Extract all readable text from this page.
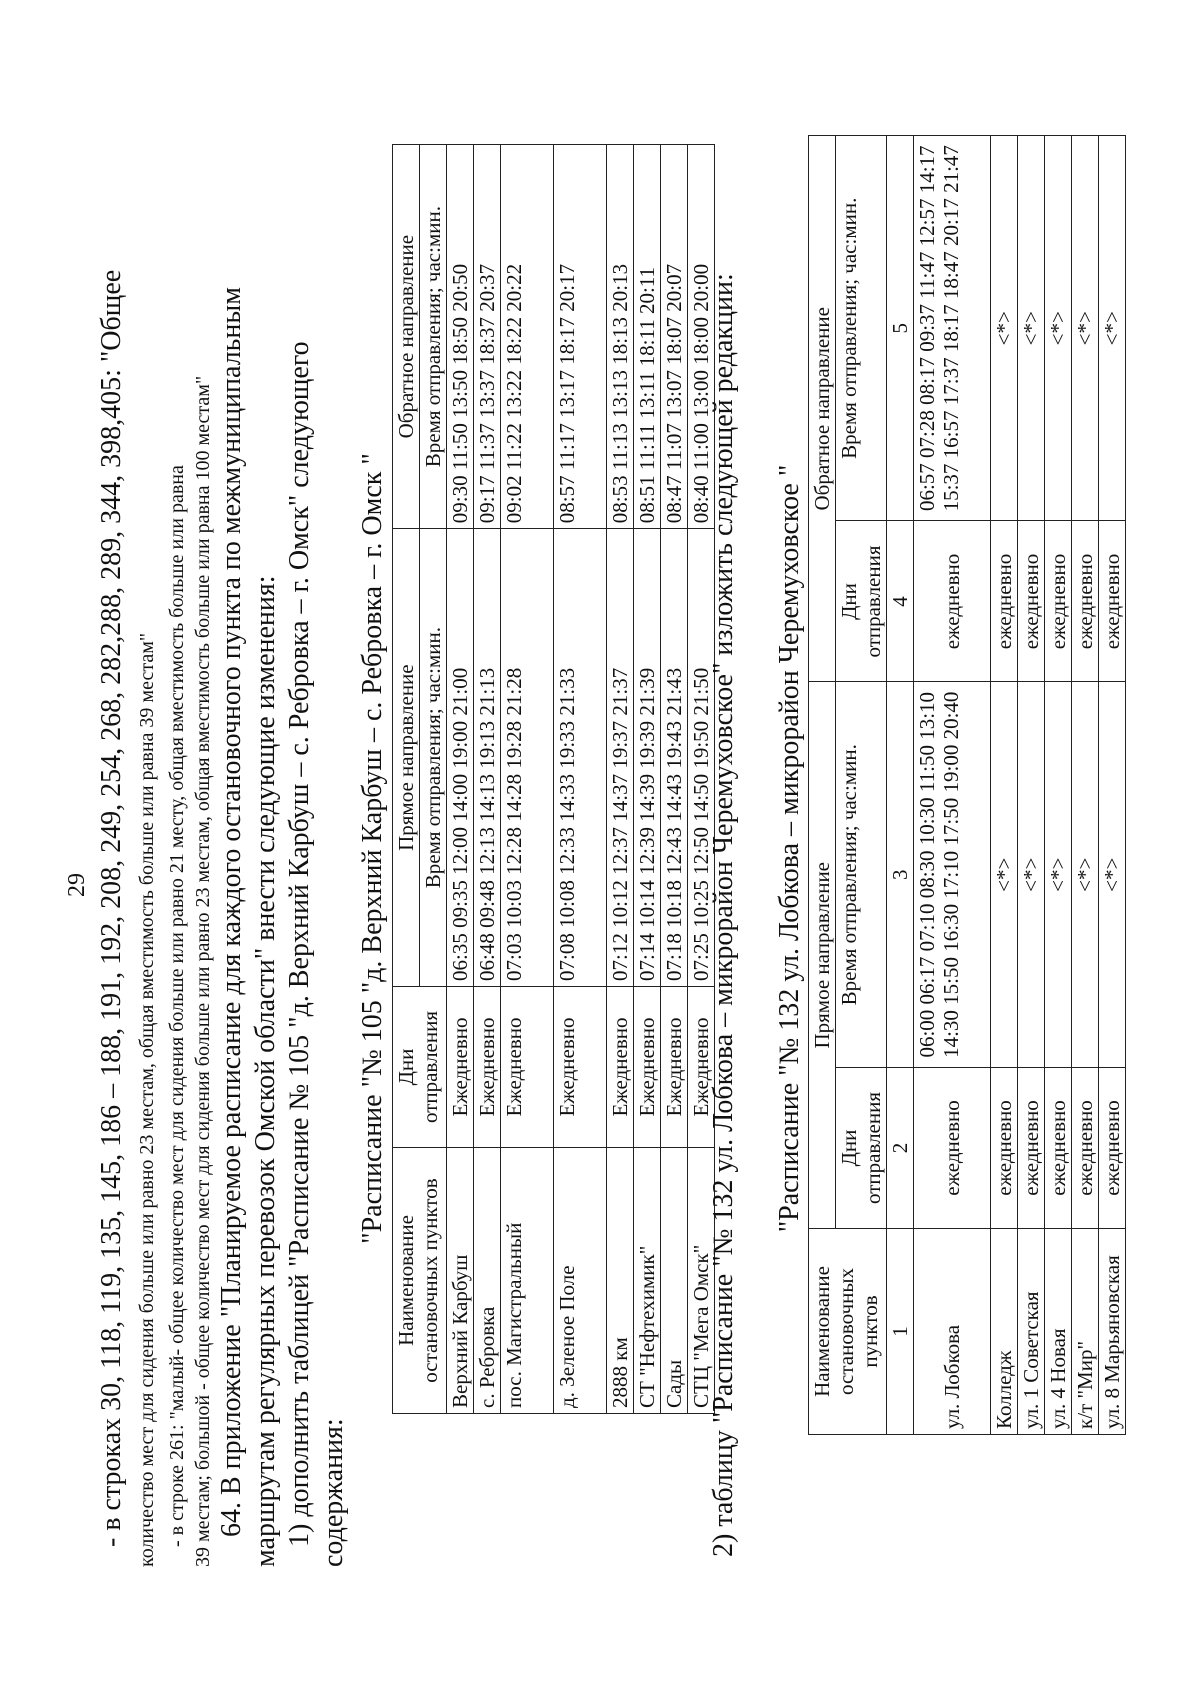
29 - в строках 30, 118, 119, 135, 145, 186 – 188, 191, 192, 208, 249, 254, 268, 282,288, 289, 344, 398,405: "Общее количество мест для сидения больше или равно 23 местам, общая вместимость больше или равна 39 местам" - в строке 261: "малый- общее количество мест для сидения больше или равно 21 месту, общая вместимость больше или равна 39 местам; большой - общее количество мест для сидения больше или равно 23 местам, общая вместимость больше или равна 100 местам" 64. В приложение "Планируемое расписание для каждого остановочного пункта по межмуниципальным маршрутам регулярных перевозок Омской области" внести следующие изменения: 1) дополнить таблицей "Расписание № 105 "д. Верхний Карбуш – с. Ребровка – г. Омск" следующего содержания:
"Расписание "№ 105 "д. Верхний Карбуш – с. Ребровка – г. Омск "
Наименование остановочных пунктов	Дни отправления	Прямое направление	Обратное направление
		Время отправления; час:мин.	Время отправления; час:мин.
Верхний Карбуш	Ежедневно	06:35 09:35 12:00 14:00 19:00 21:00	09:30 11:50 13:50 18:50 20:50
с. Ребровка	Ежедневно	06:48 09:48 12:13 14:13 19:13 21:13	09:17 11:37 13:37 18:37 20:37
пос. Магистральный	Ежедневно	07:03 10:03 12:28 14:28 19:28 21:28	09:02 11:22 13:22 18:22 20:22
д. Зеленое Поле	Ежедневно	07:08 10:08 12:33 14:33 19:33 21:33	08:57 11:17 13:17 18:17 20:17
2888 км	Ежедневно	07:12 10:12 12:37 14:37 19:37 21:37	08:53 11:13 13:13 18:13 20:13
СТ "Нефтехимик"	Ежедневно	07:14 10:14 12:39 14:39 19:39 21:39	08:51 11:11 13:11 18:11 20:11
Сады	Ежедневно	07:18 10:18 12:43 14:43 19:43 21:43	08:47 11:07 13:07 18:07 20:07
СТЦ "Мега Омск"	Ежедневно	07:25 10:25 12:50 14:50 19:50 21:50	08:40 11:00 13:00 18:00 20:00
2) таблицу "Расписание "№ 132 ул. Лобкова – микрорайон Черемуховское" изложить следующей редакции: "Расписание "№ 132 ул. Лобкова – микрорайон Черемуховское "
Наименование остановочных пунктов	Прямое направление		Обратное направление	
	Дни отправления	Время отправления; час:мин.	Дни отправления	Время отправления; час:мин.
1	2	3	4	5
ул. Лобкова	ежедневно	06:00 06:17 07:10 08:30 10:30 11:50 13:10 14:30 15:50 16:30 17:10 17:50 19:00 20:40	ежедневно	06:57 07:28 08:17 09:37 11:47 12:57 14:17 15:37 16:57 17:37 18:17 18:47 20:17 21:47
Колледж	ежедневно	<*>	ежедневно	<*>
ул. 1 Советская	ежедневно	<*>	ежедневно	<*>
ул. 4 Новая	ежедневно	<*>	ежедневно	<*>
к/т "Мир"	ежедневно	<*>	ежедневно	<*>
ул. 8 Марьяновская	ежедневно	<*>	ежедневно	<*>
